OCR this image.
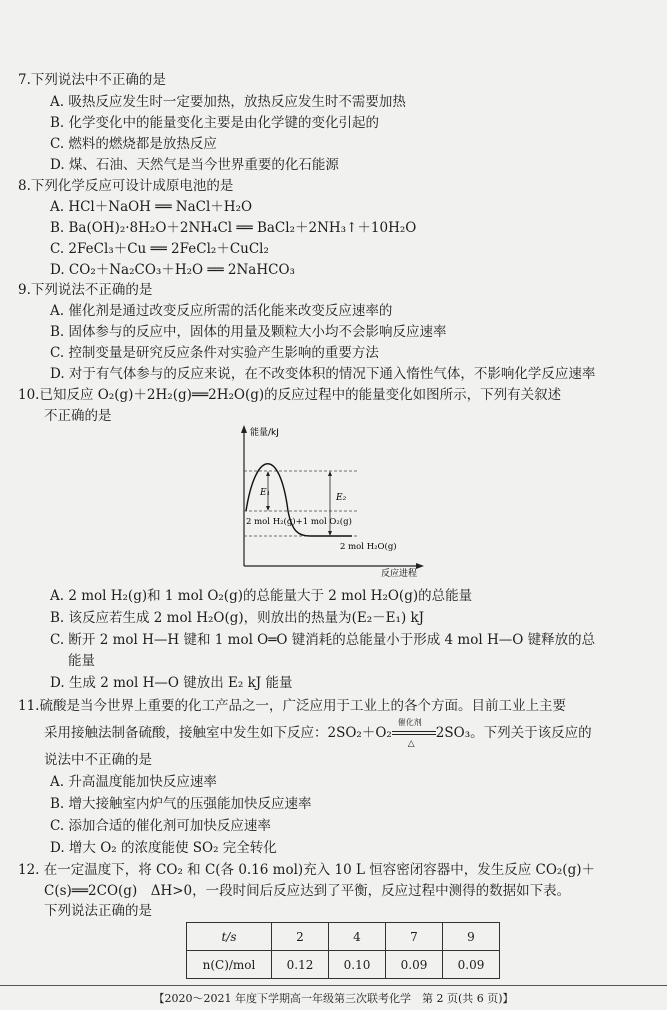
7.下列说法中不正确的是
A. 吸热反应发生时一定要加热，放热反应发生时不需要加热
B. 化学变化中的能量变化主要是由化学键的变化引起的
C. 燃料的燃烧都是放热反应
D. 煤、石油、天然气是当今世界重要的化石能源
8.下列化学反应可设计成原电池的是
A. HCl＋NaOH ══ NaCl＋H₂O
B. Ba(OH)₂·8H₂O＋2NH₄Cl ══ BaCl₂＋2NH₃↑＋10H₂O
C. 2FeCl₃＋Cu ══ 2FeCl₂＋CuCl₂
D. CO₂＋Na₂CO₃＋H₂O ══ 2NaHCO₃
9.下列说法不正确的是
A. 催化剂是通过改变反应所需的活化能来改变反应速率的
B. 固体参与的反应中，固体的用量及颗粒大小均不会影响反应速率
C. 控制变量是研究反应条件对实验产生影响的重要方法
D. 对于有气体参与的反应来说，在不改变体积的情况下通入惰性气体，不影响化学反应速率
10.已知反应 O₂(g)＋2H₂(g)══2H₂O(g)的反应过程中的能量变化如图所示，下列有关叙述
不正确的是
能量/kJ
反应进程
E₁	E₂
2 mol H₂(g)+1 mol O₂(g)
2 mol H₂O(g)
A. 2 mol H₂(g)和 1 mol O₂(g)的总能量大于 2 mol H₂O(g)的总能量
B. 该反应若生成 2 mol H₂O(g)，则放出的热量为(E₂－E₁) kJ
C. 断开 2 mol H—H 键和 1 mol O═O 键消耗的总能量小于形成 4 mol H—O 键释放的总
能量
D. 生成 2 mol H—O 键放出 E₂ kJ 能量
11.硫酸是当今世界上重要的化工产品之一，广泛应用于工业上的各个方面。目前工业上主要
采用接触法制备硫酸，接触室中发生如下反应：2SO₂＋O₂
催化剂
△
2SO₃。下列关于该反应的
说法中不正确的是
A. 升高温度能加快反应速率
B. 增大接触室内炉气的压强能加快反应速率
C. 添加合适的催化剂可加快反应速率
D. 增大 O₂ 的浓度能使 SO₂ 完全转化
12. 在一定温度下，将 CO₂ 和 C(各 0.16 mol)充入 10 L 恒容密闭容器中，发生反应 CO₂(g)＋
C(s)══2CO(g)　ΔH>0，一段时间后反应达到了平衡，反应过程中测得的数据如下表。
下列说法正确的是
t/s	2	4	7	9
n(C)/mol	0.12	0.10	0.09	0.09
【2020～2021 年度下学期高一年级第三次联考化学　第 2 页(共 6 页)】
